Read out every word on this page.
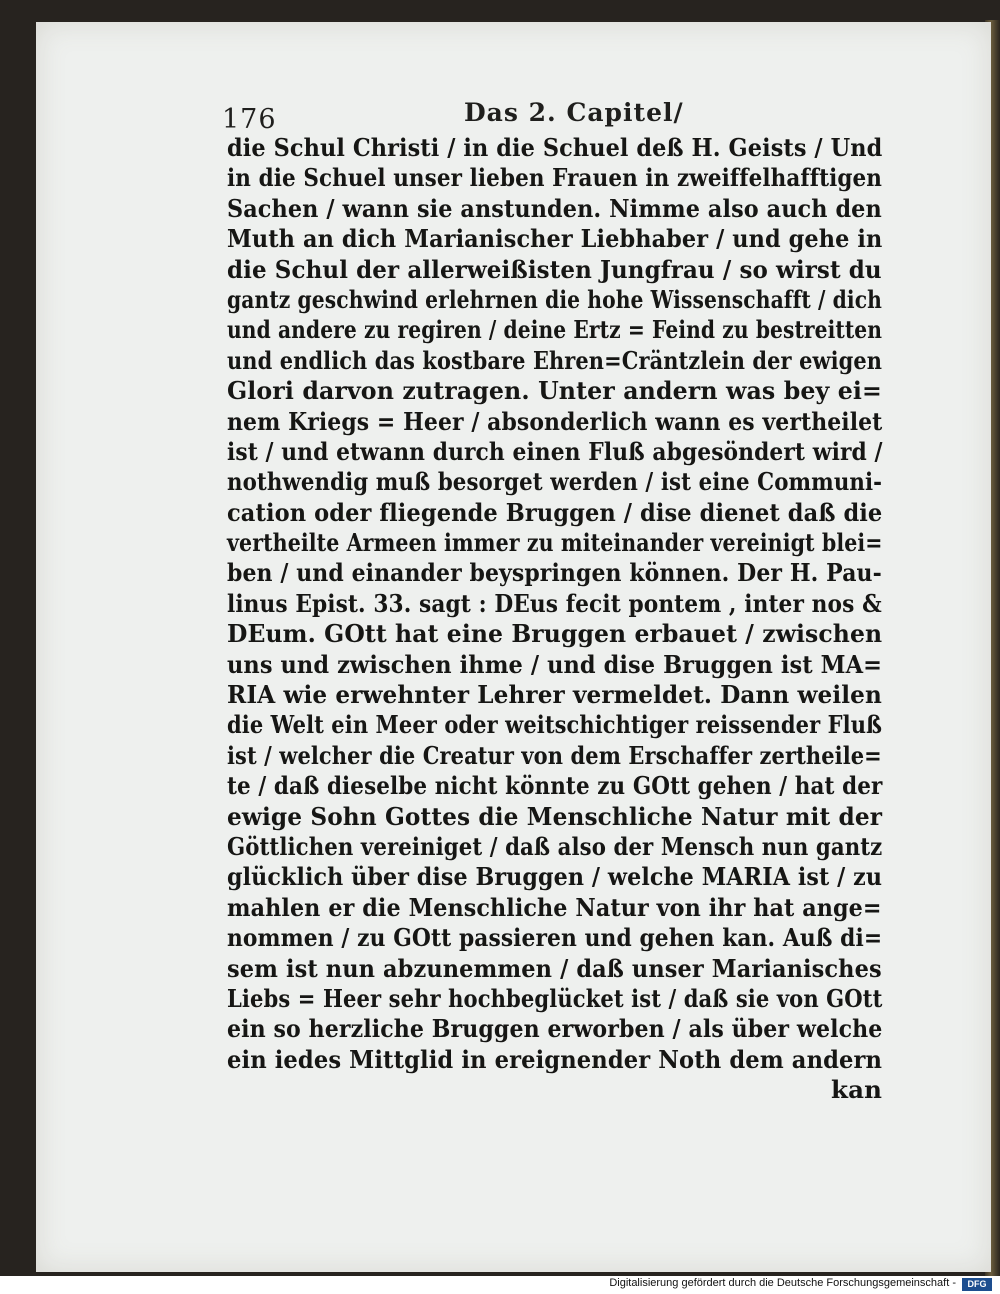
176	Das 2. Capitel/
die Schul Christi / in die Schuel deß H. Geists / Und
in die Schuel unser lieben Frauen in zweiffelhafftigen
Sachen / wann sie anstunden. Nimme also auch den
Muth an dich Marianischer Liebhaber / und gehe in
die Schul der allerweißisten Jungfrau / so wirst du
gantz geschwind erlehrnen die hohe Wissenschafft / dich
und andere zu regiren / deine Ertz = Feind zu bestreitten
und endlich das kostbare Ehren=Cräntzlein der ewigen
Glori darvon zutragen. Unter andern was bey ei=
nem Kriegs = Heer / absonderlich wann es vertheilet
ist / und etwann durch einen Fluß abgesöndert wird /
nothwendig muß besorget werden / ist eine Communi-
cation oder fliegende Bruggen / dise dienet daß die
vertheilte Armeen immer zu miteinander vereinigt blei=
ben / und einander beyspringen können. Der H. Pau-
linus Epist. 33. sagt : DEus fecit pontem , inter nos &
DEum. GOtt hat eine Bruggen erbauet / zwischen
uns und zwischen ihme / und dise Bruggen ist MA=
RIA wie erwehnter Lehrer vermeldet. Dann weilen
die Welt ein Meer oder weitschichtiger reissender Fluß
ist / welcher die Creatur von dem Erschaffer zertheile=
te / daß dieselbe nicht könnte zu GOtt gehen / hat der
ewige Sohn Gottes die Menschliche Natur mit der
Göttlichen vereiniget / daß also der Mensch nun gantz
glücklich über dise Bruggen / welche MARIA ist / zu
mahlen er die Menschliche Natur von ihr hat ange=
nommen / zu GOtt passieren und gehen kan. Auß di=
sem ist nun abzunemmen / daß unser Marianisches
Liebs = Heer sehr hochbeglücket ist / daß sie von GOtt
ein so herzliche Bruggen erworben / als über welche
ein iedes Mittglid in ereignender Noth dem andern
kan
Digitalisierung gefördert durch die Deutsche Forschungsgemeinschaft -	DFG
